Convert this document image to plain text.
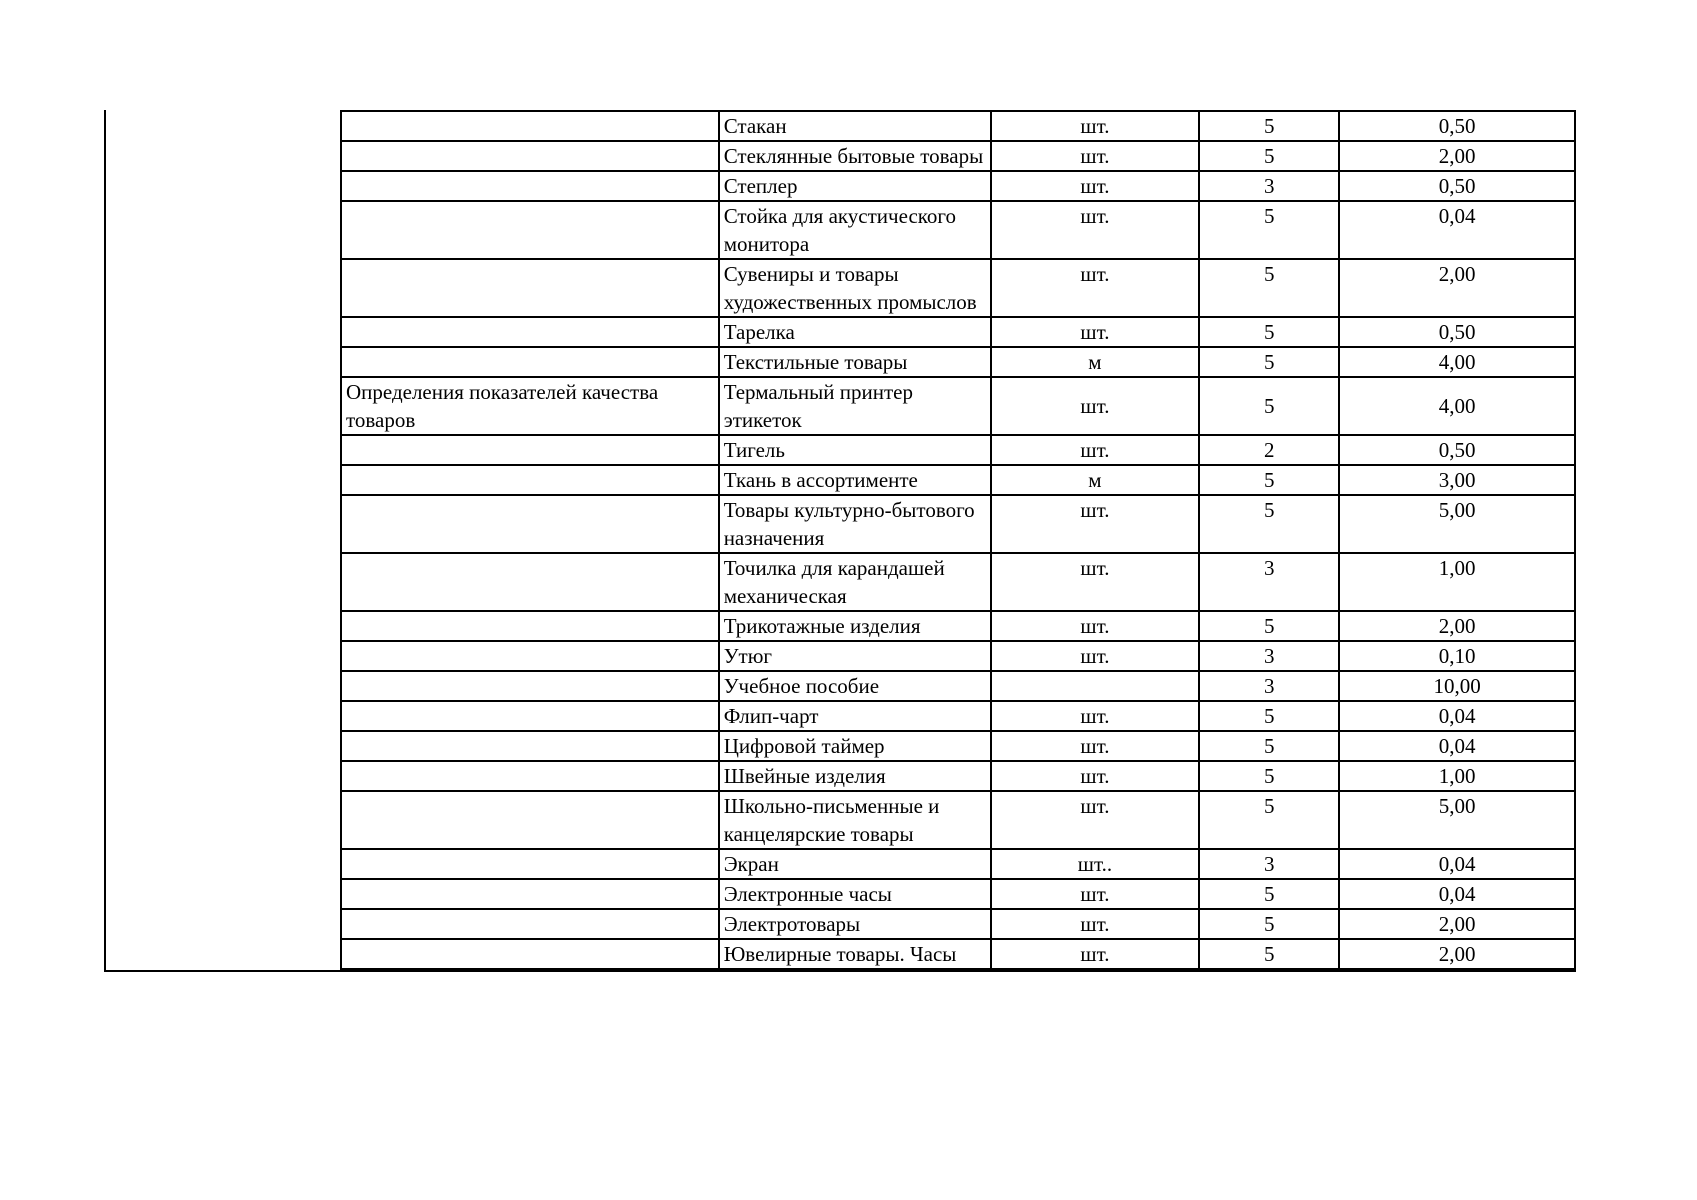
	Стакан	шт.	5	0,50
	Стеклянные бытовые товары	шт.	5	2,00
	Степлер	шт.	3	0,50
	Стойка для акустического монитора	шт.	5	0,04
	Сувениры и товары художественных промыслов	шт.	5	2,00
	Тарелка	шт.	5	0,50
	Текстильные товары	м	5	4,00
Определения показателей качества товаров	Термальный принтер этикеток	шт.	5	4,00
	Тигель	шт.	2	0,50
	Ткань в ассортименте	м	5	3,00
	Товары культурно-бытового назначения	шт.	5	5,00
	Точилка для карандашей механическая	шт.	3	1,00
	Трикотажные изделия	шт.	5	2,00
	Утюг	шт.	3	0,10
	Учебное пособие		3	10,00
	Флип-чарт	шт.	5	0,04
	Цифровой таймер	шт.	5	0,04
	Швейные изделия	шт.	5	1,00
	Школьно-письменные и канцелярские товары	шт.	5	5,00
	Экран	шт..	3	0,04
	Электронные часы	шт.	5	0,04
	Электротовары	шт.	5	2,00
	Ювелирные товары. Часы	шт.	5	2,00
